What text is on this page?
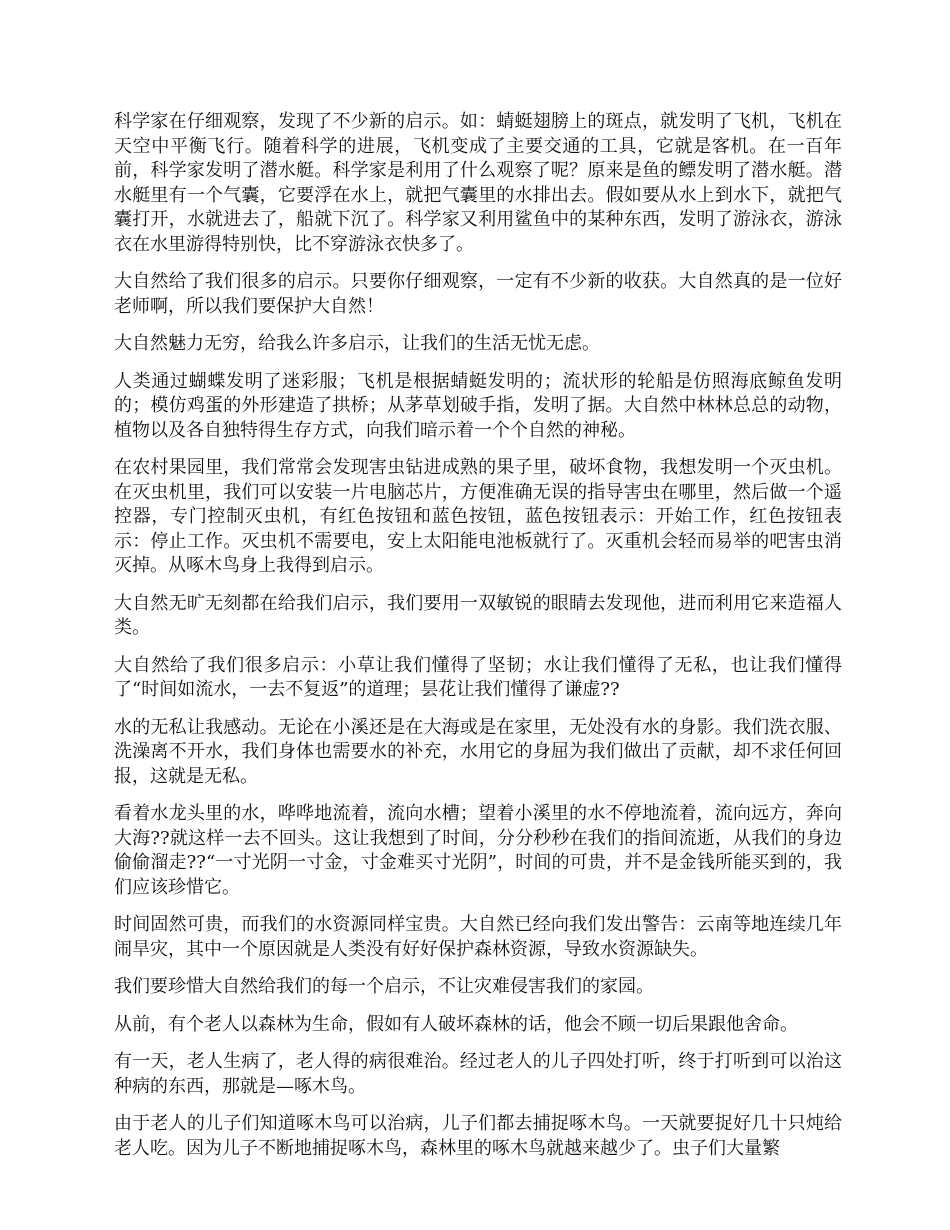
科学家在仔细观察，发现了不少新的启示。如：蜻蜓翅膀上的斑点，就发明了飞机，飞机在天空中平衡飞行。随着科学的进展，飞机变成了主要交通的工具，它就是客机。在一百年前，科学家发明了潜水艇。科学家是利用了什么观察了呢？原来是鱼的鳔发明了潜水艇。潜水艇里有一个气囊，它要浮在水上，就把气囊里的水排出去。假如要从水上到水下，就把气囊打开，水就进去了，船就下沉了。科学家又利用鲨鱼中的某种东西，发明了游泳衣，游泳衣在水里游得特别快，比不穿游泳衣快多了。

大自然给了我们很多的启示。只要你仔细观察，一定有不少新的收获。大自然真的是一位好老师啊，所以我们要保护大自然！

大自然魅力无穷，给我么许多启示，让我们的生活无忧无虑。

人类通过蝴蝶发明了迷彩服；飞机是根据蜻蜓发明的；流状形的轮船是仿照海底鲸鱼发明的；模仿鸡蛋的外形建造了拱桥；从茅草划破手指，发明了据。大自然中林林总总的动物，植物以及各自独特得生存方式，向我们暗示着一个个自然的神秘。

在农村果园里，我们常常会发现害虫钻进成熟的果子里，破坏食物，我想发明一个灭虫机。在灭虫机里，我们可以安装一片电脑芯片，方便准确无误的指导害虫在哪里，然后做一个遥控器，专门控制灭虫机，有红色按钮和蓝色按钮，蓝色按钮表示：开始工作，红色按钮表示：停止工作。灭虫机不需要电，安上太阳能电池板就行了。灭重机会轻而易举的吧害虫消灭掉。从啄木鸟身上我得到启示。

大自然无旷无刻都在给我们启示，我们要用一双敏锐的眼睛去发现他，进而利用它来造福人类。

大自然给了我们很多启示：小草让我们懂得了坚韧；水让我们懂得了无私，也让我们懂得了“时间如流水，一去不复返”的道理；昙花让我们懂得了谦虚??

水的无私让我感动。无论在小溪还是在大海或是在家里，无处没有水的身影。我们洗衣服、洗澡离不开水，我们身体也需要水的补充，水用它的身屈为我们做出了贡献，却不求任何回报，这就是无私。

看着水龙头里的水，哗哗地流着，流向水槽；望着小溪里的水不停地流着，流向远方，奔向大海??就这样一去不回头。这让我想到了时间，分分秒秒在我们的指间流逝，从我们的身边偷偷溜走??“一寸光阴一寸金，寸金难买寸光阴”，时间的可贵，并不是金钱所能买到的，我们应该珍惜它。

时间固然可贵，而我们的水资源同样宝贵。大自然已经向我们发出警告：云南等地连续几年闹旱灾，其中一个原因就是人类没有好好保护森林资源，导致水资源缺失。

我们要珍惜大自然给我们的每一个启示，不让灾难侵害我们的家园。

从前，有个老人以森林为生命，假如有人破坏森林的话，他会不顾一切后果跟他舍命。

有一天，老人生病了，老人得的病很难治。经过老人的儿子四处打听，终于打听到可以治这种病的东西，那就是—啄木鸟。

由于老人的儿子们知道啄木鸟可以治病，儿子们都去捕捉啄木鸟。一天就要捉好几十只炖给老人吃。因为儿子不断地捕捉啄木鸟，森林里的啄木鸟就越来越少了。虫子们大量繁
